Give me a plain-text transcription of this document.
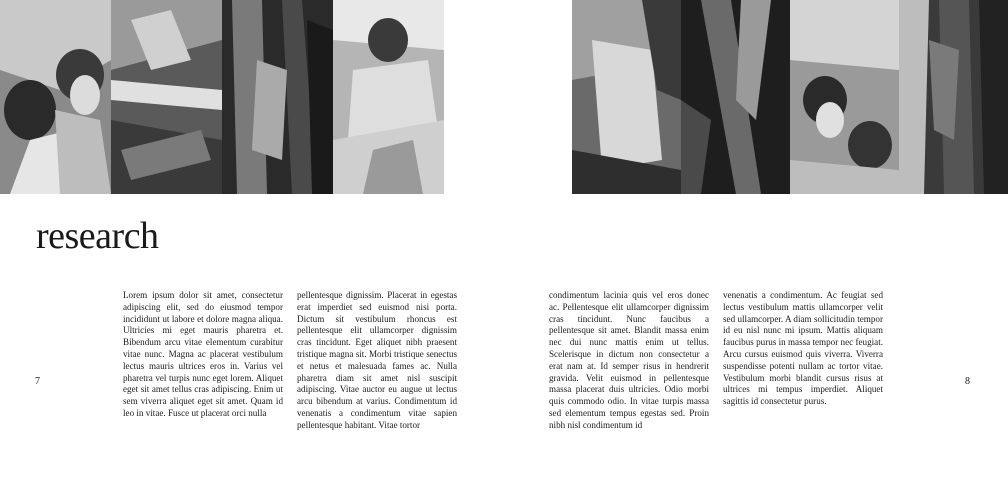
research

Lorem ipsum dolor sit amet, consectetur adipiscing elit, sed do eiusmod tempor incididunt ut labore et dolore magna aliqua. Ultricies mi eget mauris pharetra et. Bibendum arcu vitae elementum curabitur vitae nunc. Magna ac placerat vestibulum lectus mauris ultrices eros in. Varius vel pharetra vel turpis nunc eget lorem. Aliquet eget sit amet tellus cras adipiscing. Enim ut sem viverra aliquet eget sit amet. Quam id leo in vitae. Fusce ut placerat orci nulla

pellentesque dignissim. Placerat in egestas erat imperdiet sed euismod nisi porta. Dictum sit vestibulum rhoncus est pellentesque elit ullamcorper dignissim cras tincidunt. Eget aliquet nibh praesent tristique magna sit. Morbi tristique senectus et netus et malesuada fames ac. Nulla pharetra diam sit amet nisl suscipit adipiscing. Vitae auctor eu augue ut lectus arcu bibendum at varius. Condimentum id venenatis a condimentum vitae sapien pellentesque habitant. Vitae tortor

condimentum lacinia quis vel eros donec ac. Pellentesque elit ullamcorper dignissim cras tincidunt. Nunc faucibus a pellentesque sit amet. Blandit massa enim nec dui nunc mattis enim ut tellus. Scelerisque in dictum non consectetur a erat nam at. Id semper risus in hendrerit gravida. Velit euismod in pellentesque massa placerat duis ultricies. Odio morbi quis commodo odio. In vitae turpis massa sed elementum tempus egestas sed. Proin nibh nisl condimentum id

venenatis a condimentum. Ac feugiat sed lectus vestibulum mattis ullamcorper velit sed ullamcorper. A diam sollicitudin tempor id eu nisl nunc mi ipsum. Mattis aliquam faucibus purus in massa tempor nec feugiat. Arcu cursus euismod quis viverra. Viverra suspendisse potenti nullam ac tortor vitae. Vestibulum morbi blandit cursus risus at ultrices mi tempus imperdiet. Aliquet sagittis id consectetur purus.

7	8
